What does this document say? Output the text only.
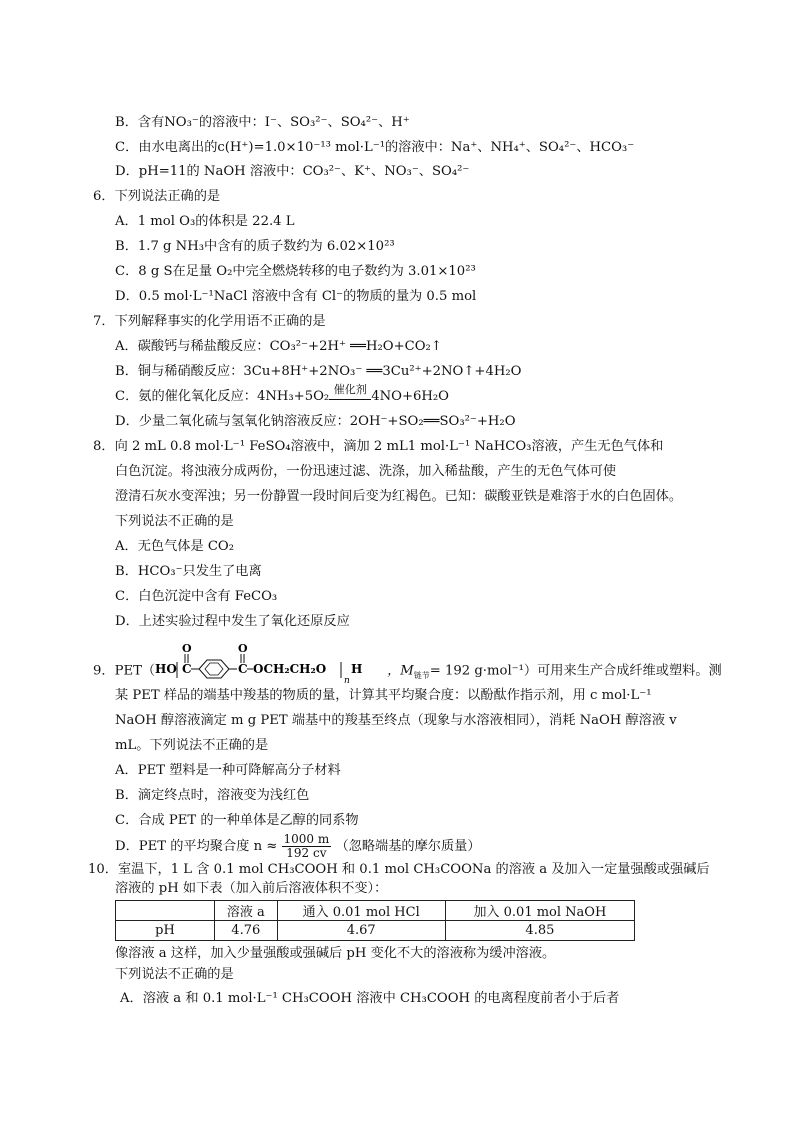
B．含有NO₃⁻的溶液中：I⁻、SO₃²⁻、SO₄²⁻、H⁺
C．由水电离出的c(H⁺)=1.0×10⁻¹³ mol·L⁻¹的溶液中：Na⁺、NH₄⁺、SO₄²⁻、HCO₃⁻
D．pH=11的 NaOH 溶液中：CO₃²⁻、K⁺、NO₃⁻、SO₄²⁻
6．下列说法正确的是
A．1 mol O₃的体积是 22.4 L
B．1.7 g NH₃中含有的质子数约为 6.02×10²³
C．8 g S在足量 O₂中完全燃烧转移的电子数约为 3.01×10²³
D．0.5 mol·L⁻¹NaCl 溶液中含有 Cl⁻的物质的量为 0.5 mol
7．下列解释事实的化学用语不正确的是
A．碳酸钙与稀盐酸反应：CO₃²⁻+2H⁺ ══H₂O+CO₂↑
B．铜与稀硝酸反应：3Cu+8H⁺+2NO₃⁻ ══3Cu²⁺+2NO↑+4H₂O
C．氨的催化氧化反应：4NH₃+5O₂ 催化剂 4NO+6H₂O
D．少量二氧化硫与氢氧化钠溶液反应：2OH⁻+SO₂══SO₃²⁻+H₂O
8．向 2 mL 0.8 mol·L⁻¹ FeSO₄溶液中，滴加 2 mL1 mol·L⁻¹ NaHCO₃溶液，产生无色气体和
白色沉淀。将浊液分成两份，一份迅速过滤、洗涤，加入稀盐酸，产生的无色气体可使
澄清石灰水变浑浊；另一份静置一段时间后变为红褐色。已知：碳酸亚铁是难溶于水的白色固体。
下列说法不正确的是
A．无色气体是 CO₂
B．HCO₃⁻只发生了电离
C．白色沉淀中含有 FeCO₃
D．上述实验过程中发生了氧化还原反应
9．PET（ HO
O
C
O
C OCH₂CH₂O
n
H ，$M_{链节}= 192$ g·mol⁻¹）可用来生产合成纤维或塑料。测
某 PET 样品的端基中羧基的物质的量，计算其平均聚合度：以酚酞作指示剂，用 c mol·L⁻¹
NaOH 醇溶液滴定 m g PET 端基中的羧基至终点（现象与水溶液相同），消耗 NaOH 醇溶液 v
mL。下列说法不正确的是
A．PET 塑料是一种可降解高分子材料
B．滴定终点时，溶液变为浅红色
C．合成 PET 的一种单体是乙醇的同系物
D．PET 的平均聚合度 $n \approx \frac{1000 m}{192 cv}$ （忽略端基的摩尔质量）
10．室温下，1 L 含 0.1 mol CH₃COOH 和 0.1 mol CH₃COONa 的溶液 a 及加入一定量强酸或强碱后
溶液的 pH 如下表（加入前后溶液体积不变）：
	溶液 a	通入 0.01 mol HCl	加入 0.01 mol NaOH
pH	4.76	4.67	4.85
像溶液 a 这样，加入少量强酸或强碱后 pH 变化不大的溶液称为缓冲溶液。
下列说法不正确的是
A．溶液 a 和 0.1 mol·L⁻¹ CH₃COOH 溶液中 CH₃COOH 的电离程度前者小于后者
